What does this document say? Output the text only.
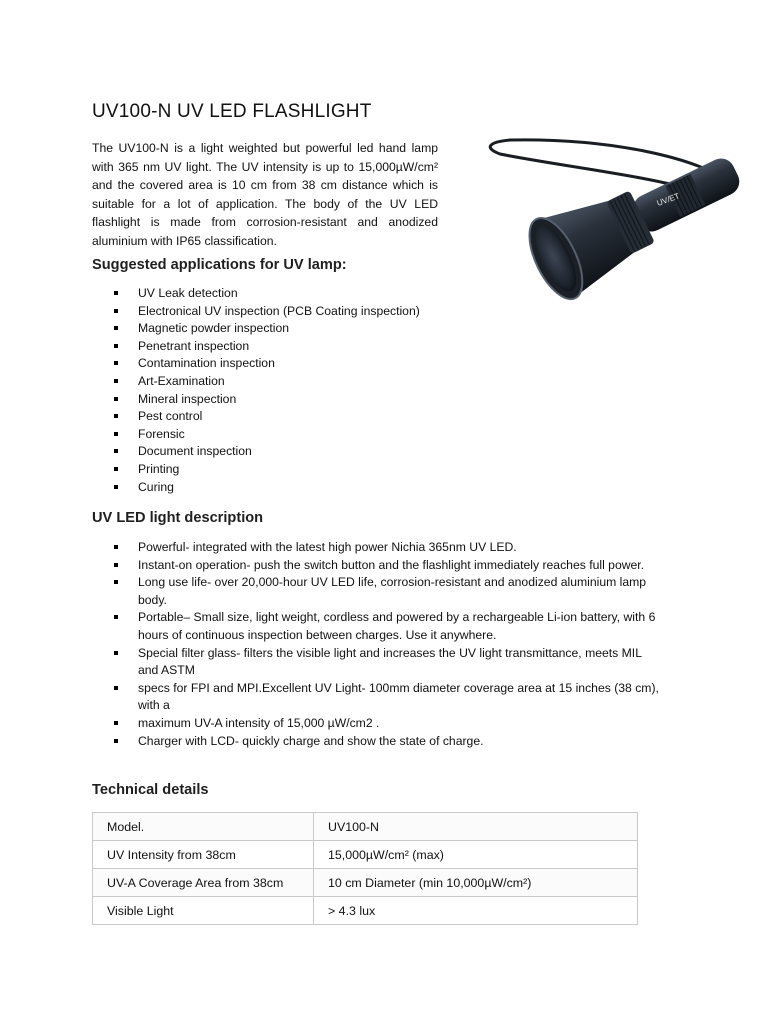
UV100-N UV LED FLASHLIGHT

The UV100-N is a light weighted but powerful led hand lamp with 365 nm UV light. The UV intensity is up to 15,000µW/cm² and the covered area is 10 cm from 38 cm distance which is suitable for a lot of application. The body of the UV LED flashlight is made from corrosion-resistant and anodized aluminium with IP65 classification.

UV/ET
Suggested applications for UV lamp:
UV Leak detection
Electronical UV inspection (PCB Coating inspection)
Magnetic powder inspection
Penetrant inspection
Contamination inspection
Art-Examination
Mineral inspection
Pest control
Forensic
Document inspection
Printing
Curing
UV LED light description
Powerful- integrated with the latest high power Nichia 365nm UV LED.
Instant-on operation- push the switch button and the flashlight immediately reaches full power.
Long use life- over 20,000-hour UV LED life, corrosion-resistant and anodized aluminium lamp body.
Portable– Small size, light weight, cordless and powered by a rechargeable Li-ion battery, with 6 hours of continuous inspection between charges. Use it anywhere.
Special filter glass- filters the visible light and increases the UV light transmittance, meets MIL and ASTM
specs for FPI and MPI.Excellent UV Light- 100mm diameter coverage area at 15 inches (38 cm), with a
maximum UV-A intensity of 15,000 µW/cm2 .
Charger with LCD- quickly charge and show the state of charge.
Technical details
Model.	UV100-N
UV Intensity from 38cm	15,000µW/cm² (max)
UV-A Coverage Area from 38cm	10 cm Diameter (min 10,000µW/cm²)
Visible Light	> 4.3 lux
